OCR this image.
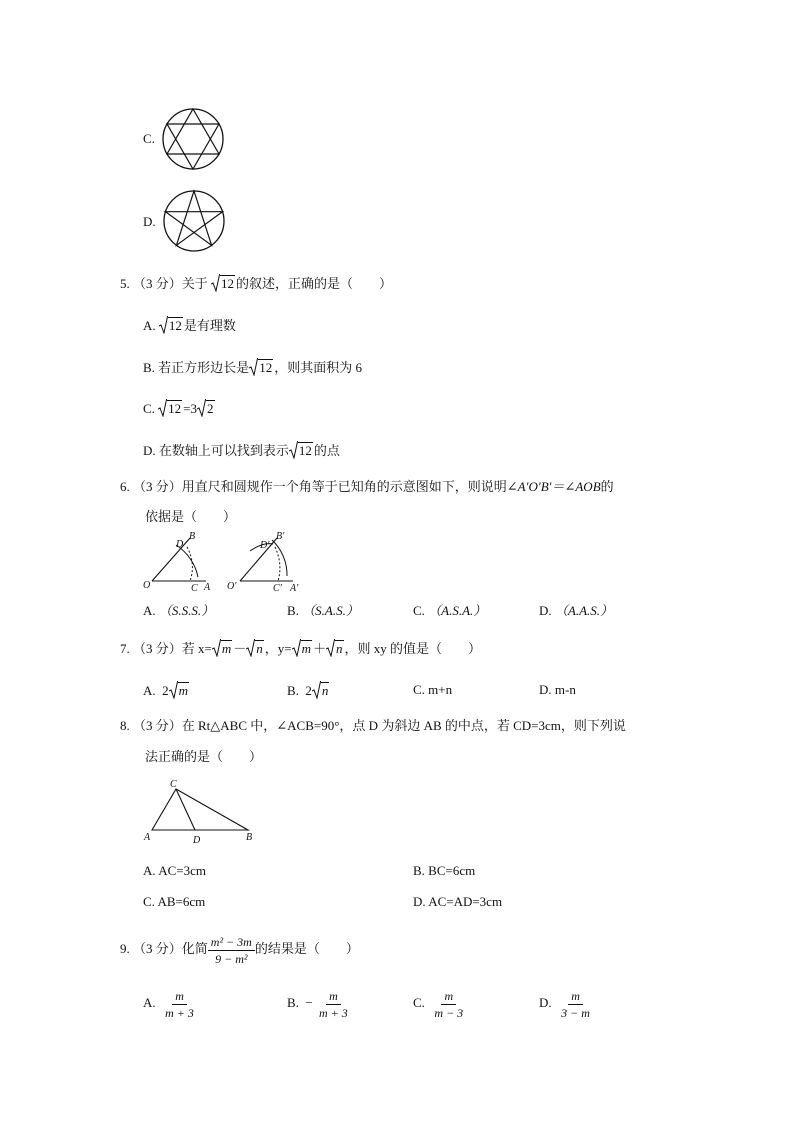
C.
D.
5. （3 分）关于 12 的叙述，正确的是（　　）
A. 12 是有理数
B. 若正方形边长是 12 ，则其面积为 6
C. 12 =3 2
D. 在数轴上可以找到表示 12 的点
6. （3 分）用直尺和圆规作一个角等于已知角的示意图如下，则说明∠A′O′B′＝∠AOB的
依据是（　　）
O
D
B
C A O′
D′
B′
C′ A′
A. （S.S.S.）	B. （S.A.S.）	C. （A.S.A.）	D. （A.A.S.）
7. （3 分）若 x= m － n ，y= m ＋ n ，则 xy 的值是（　　）
A. 2 m	B. 2 n	C. m+n	D. m-n
8. （3 分）在 Rt△ABC 中，∠ACB=90°，点 D 为斜边 AB 的中点，若 CD=3cm，则下列说
法正确的是（　　）
C
A	D	B
A. AC=3cm	B. BC=6cm
C. AB=6cm	D. AC=AD=3cm
9. （3 分）化简 $\frac{\text{m² − 3m}}{\text{9 − m²}}$ 的结果是（　　）
A. $\frac{m}{m + 3}$	B. − $\frac{m}{m + 3}$	C. $\frac{m}{m - 3}$	D. $\frac{m}{3 - m}$
